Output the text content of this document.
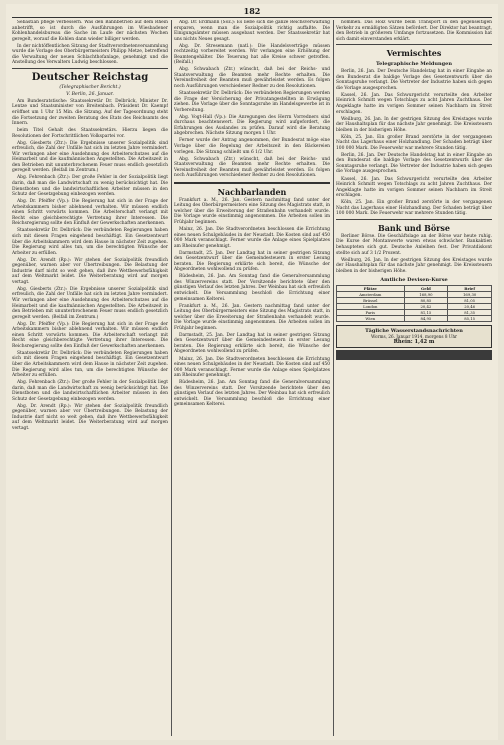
182

Sebastian pflege verbessern. Was den Bahnbetrieb auf dem Rhein anbetrifft, so ist durch die Ausführungen im Wiesbadener Kohlenhandelsbureau die Sache im Laufe der nächsten Wochen geregelt, worauf die Kohlen dann wieder billiger werden.

In der nichtöffentlichen Sitzung der Stadtverordnetenversammlung wurde die Vorlage des Oberbürgermeisters Philipp Metze, betreffend die Verwaltung der neuen Schlachthofanlage, genehmigt und die Anstellung des Verwalters Ludwig beschlossen.

Deutscher Reichstag
(Telegraphischer Bericht.)
V. Berlin, 26. Januar.

Am Bundesratstische: Staatssekretär Dr. Delbrück, Minister Dr. Lentze und Staatsminister von Breitenbach. Präsident Dr. Kaempf eröffnet um 1 Uhr 15 Min. die Sitzung. Auf der Tagesordnung steht die Fortsetzung der zweiten Beratung des Etats des Reichsamts des Innern.

beim Titel Gehalt des Staatssekretärs. Hierzu liegen die Resolutionen der Fortschrittlichen Volkspartei vor.

Abg. Giesberts (Ztr.): Die Ergebnisse unserer Sozialpolitik sind erfreulich, die Zahl der Unfälle hat sich im letzten Jahre vermindert. Wir verlangen aber eine Ausdehnung des Arbeiterschutzes auf die Heimarbeit und die kaufmännischen Angestellten. Die Arbeitszeit in den Betrieben mit ununterbrochenem Feuer muss endlich gesetzlich geregelt werden. (Beifall im Zentrum.)

Abg. Fehrenbach (Ztr.): Der große Fehler in der Sozialpolitik liegt darin, daß man die Landwirtschaft zu wenig berücksichtigt hat. Die Dienstboten und die landwirtschaftlichen Arbeiter müssen in den Schutz der Gesetzgebung einbezogen werden.

Abg. Dr. Pfeiffer (Vp.): Die Regierung hat sich in der Frage der Arbeitskammern bisher ablehnend verhalten. Wir müssen endlich einen Schritt vorwärts kommen. Die Arbeiterschaft verlangt mit Recht eine gleichberechtigte Vertretung ihrer Interessen. Die Reichsregierung sollte den Einfluß der Gewerkschaften anerkennen.

Staatssekretär Dr. Delbrück: Die verbündeten Regierungen haben sich mit diesen Fragen eingehend beschäftigt. Ein Gesetzentwurf über die Arbeitskammern wird dem Hause in nächster Zeit zugehen. Die Regierung wird alles tun, um die berechtigten Wünsche der Arbeiter zu erfüllen.

Abg. Dr. Arendt (Rp.): Wir stehen der Sozialpolitik freundlich gegenüber, warnen aber vor Übertreibungen. Die Belastung der Industrie darf nicht so weit gehen, daß ihre Wettbewerbsfähigkeit auf dem Weltmarkt leidet. Die Weiterberatung wird auf morgen vertagt.

Abg. Giesberts (Ztr.): Die Ergebnisse unserer Sozialpolitik sind erfreulich, die Zahl der Unfälle hat sich im letzten Jahre vermindert. Wir verlangen aber eine Ausdehnung des Arbeiterschutzes auf die Heimarbeit und die kaufmännischen Angestellten. Die Arbeitszeit in den Betrieben mit ununterbrochenem Feuer muss endlich gesetzlich geregelt werden. (Beifall im Zentrum.)

Abg. Dr. Pfeiffer (Vp.): Die Regierung hat sich in der Frage der Arbeitskammern bisher ablehnend verhalten. Wir müssen endlich einen Schritt vorwärts kommen. Die Arbeiterschaft verlangt mit Recht eine gleichberechtigte Vertretung ihrer Interessen. Die Reichsregierung sollte den Einfluß der Gewerkschaften anerkennen.

Staatssekretär Dr. Delbrück: Die verbündeten Regierungen haben sich mit diesen Fragen eingehend beschäftigt. Ein Gesetzentwurf über die Arbeitskammern wird dem Hause in nächster Zeit zugehen. Die Regierung wird alles tun, um die berechtigten Wünsche der Arbeiter zu erfüllen.

Abg. Fehrenbach (Ztr.): Der große Fehler in der Sozialpolitik liegt darin, daß man die Landwirtschaft zu wenig berücksichtigt hat. Die Dienstboten und die landwirtschaftlichen Arbeiter müssen in den Schutz der Gesetzgebung einbezogen werden.

Abg. Dr. Arendt (Rp.): Wir stehen der Sozialpolitik freundlich gegenüber, warnen aber vor Übertreibungen. Die Belastung der Industrie darf nicht so weit gehen, daß ihre Wettbewerbsfähigkeit auf dem Weltmarkt leidet. Die Weiterberatung wird auf morgen vertagt.

Abg. Dr. Erdmann (Soz.): Es ließe sich die ganze Reichsverwaltung ersparen, wenn man die Sozialpolitik richtig auffaßte. Die Einigungsämter müssen ausgebaut werden. Der Staatssekretär hat uns nichts Neues gesagt.

Abg. Dr. Stresemann (natl.): Die Handelsverträge müssen rechtzeitig vorbereitet werden. Wir verlangen eine Erhöhung der Beamtengehälter. Die Teuerung hat alle Kreise schwer getroffen. (Beifall.)

Abg. Schwabach (Ztr.) wünscht, daß bei der Reichs- und Staatsverwaltung die Beamten mehr Rechte erhalten. Die Vereinsfreiheit der Beamten muß gewährleistet werden. Es folgen noch Ausführungen verschiedener Redner zu den Resolutionen.

Staatssekretär Dr. Delbrück: Die verbündeten Regierungen werden die Frage der Versicherung der Privatangestellten in Erwägung ziehen. Die Vorlage über die Sonntagsruhe im Handelsgewerbe ist in Vorbereitung.

Abg. Vogt-Hall (Vp.): Die Anregungen des Herrn Vorredners sind durchaus beachtenswert. Die Regierung wird aufgefordert, die Erfahrungen des Auslandes zu prüfen. Darauf wird die Beratung abgebrochen. Nächste Sitzung morgen 1 Uhr.

Ferner wurde der Antrag angenommen, der Bundesrat möge eine Vorlage über die Regelung der Arbeitszeit in den Bäckereien vorlegen. Die Sitzung schließt um 6 1/2 Uhr.

Abg. Schwabach (Ztr.) wünscht, daß bei der Reichs- und Staatsverwaltung die Beamten mehr Rechte erhalten. Die Vereinsfreiheit der Beamten muß gewährleistet werden. Es folgen noch Ausführungen verschiedener Redner zu den Resolutionen.

Nachbarlanden

Frankfurt a. M., 26. Jan. Gestern nachmittag fand unter der Leitung des Oberbürgermeisters eine Sitzung des Magistrats statt, in welcher über die Erweiterung der Straßenbahn verhandelt wurde. Die Vorlage wurde einstimmig angenommen. Die Arbeiten sollen im Frühjahr beginnen.

Mainz, 26. Jan. Die Stadtverordneten beschlossen die Errichtung eines neuen Schulgebäudes in der Neustadt. Die Kosten sind auf 450 000 Mark veranschlagt. Ferner wurde die Anlage eines Spielplatzes am Rheinufer genehmigt.

Darmstadt, 25. Jan. Der Landtag hat in seiner gestrigen Sitzung den Gesetzentwurf über die Gemeindesteuern in erster Lesung beraten. Die Regierung erklärte sich bereit, die Wünsche der Abgeordneten wohlwollend zu prüfen.

Rüdesheim, 26. Jan. Am Sonntag fand die Generalversammlung des Winzervereins statt. Der Vorsitzende berichtete über den günstigen Verlauf des letzten Jahres. Der Weinbau hat sich erfreulich entwickelt. Die Versammlung beschloß die Errichtung einer gemeinsamen Kelterei.

Frankfurt a. M., 26. Jan. Gestern nachmittag fand unter der Leitung des Oberbürgermeisters eine Sitzung des Magistrats statt, in welcher über die Erweiterung der Straßenbahn verhandelt wurde. Die Vorlage wurde einstimmig angenommen. Die Arbeiten sollen im Frühjahr beginnen.

Darmstadt, 25. Jan. Der Landtag hat in seiner gestrigen Sitzung den Gesetzentwurf über die Gemeindesteuern in erster Lesung beraten. Die Regierung erklärte sich bereit, die Wünsche der Abgeordneten wohlwollend zu prüfen.

Mainz, 26. Jan. Die Stadtverordneten beschlossen die Errichtung eines neuen Schulgebäudes in der Neustadt. Die Kosten sind auf 450 000 Mark veranschlagt. Ferner wurde die Anlage eines Spielplatzes am Rheinufer genehmigt.

Rüdesheim, 26. Jan. Am Sonntag fand die Generalversammlung des Winzervereins statt. Der Vorsitzende berichtete über den günstigen Verlauf des letzten Jahres. Der Weinbau hat sich erfreulich entwickelt. Die Versammlung beschloß die Errichtung einer gemeinsamen Kelterei.

nommen. Das Holz wurde beim Transport in den gegenseitigen Verkehr zu ermäßigten Sätzen befördert. Der Direktor hat beantragt, den Betrieb in größerem Umfange fortzusetzen. Die Kommission hat sich damit einverstanden erklärt.

Vermischtes
Telegraphische Meldungen

Berlin, 26. Jan. Der Deutsche Handelstag hat in einer Eingabe an den Bundesrat die baldige Vorlage des Gesetzentwurfs über die Sonntagsruhe verlangt. Die Vertreter der Industrie haben sich gegen die Vorlage ausgesprochen.

Kassel, 26. Jan. Das Schwurgericht verurteilte den Arbeiter Heinrich Schmitt wegen Totschlags zu acht Jahren Zuchthaus. Der Angeklagte hatte im vorigen Sommer seinen Nachbarn im Streit erschlagen.

Weilburg, 26. Jan. In der gestrigen Sitzung des Kreistages wurde der Haushaltsplan für das nächste Jahr genehmigt. Die Kreissteuern bleiben in der bisherigen Höhe.

Köln, 25. Jan. Ein großer Brand zerstörte in der vergangenen Nacht das Lagerhaus einer Holzhandlung. Der Schaden beträgt über 100 000 Mark. Die Feuerwehr war mehrere Stunden tätig.

Berlin, 26. Jan. Der Deutsche Handelstag hat in einer Eingabe an den Bundesrat die baldige Vorlage des Gesetzentwurfs über die Sonntagsruhe verlangt. Die Vertreter der Industrie haben sich gegen die Vorlage ausgesprochen.

Kassel, 26. Jan. Das Schwurgericht verurteilte den Arbeiter Heinrich Schmitt wegen Totschlags zu acht Jahren Zuchthaus. Der Angeklagte hatte im vorigen Sommer seinen Nachbarn im Streit erschlagen.

Köln, 25. Jan. Ein großer Brand zerstörte in der vergangenen Nacht das Lagerhaus einer Holzhandlung. Der Schaden beträgt über 100 000 Mark. Die Feuerwehr war mehrere Stunden tätig.

Bank und Börse

Berliner Börse. Die Geschäftslage an der Börse war heute ruhig. Die Kurse der Montanwerte waren etwas schwächer. Bankaktien behaupteten sich gut. Deutsche Anleihen fest. Der Privatdiskont stellte sich auf 3 1/2 Prozent.

Weilburg, 26. Jan. In der gestrigen Sitzung des Kreistages wurde der Haushaltsplan für das nächste Jahr genehmigt. Die Kreissteuern bleiben in der bisherigen Höhe.

Amtliche Devisen-Kurse
Plätze	Geld	Brief
Amsterdam	168,90	169,30
Brüssel	80,85	81,05
London	20,42	20,46
Paris	81,15	81,35
Wien	84,95	85,15
Tägliche Wasserstandsnachrichten
Worms, 26. Januar 1914, morgens 8 Uhr
Rhein: 1,42 m
